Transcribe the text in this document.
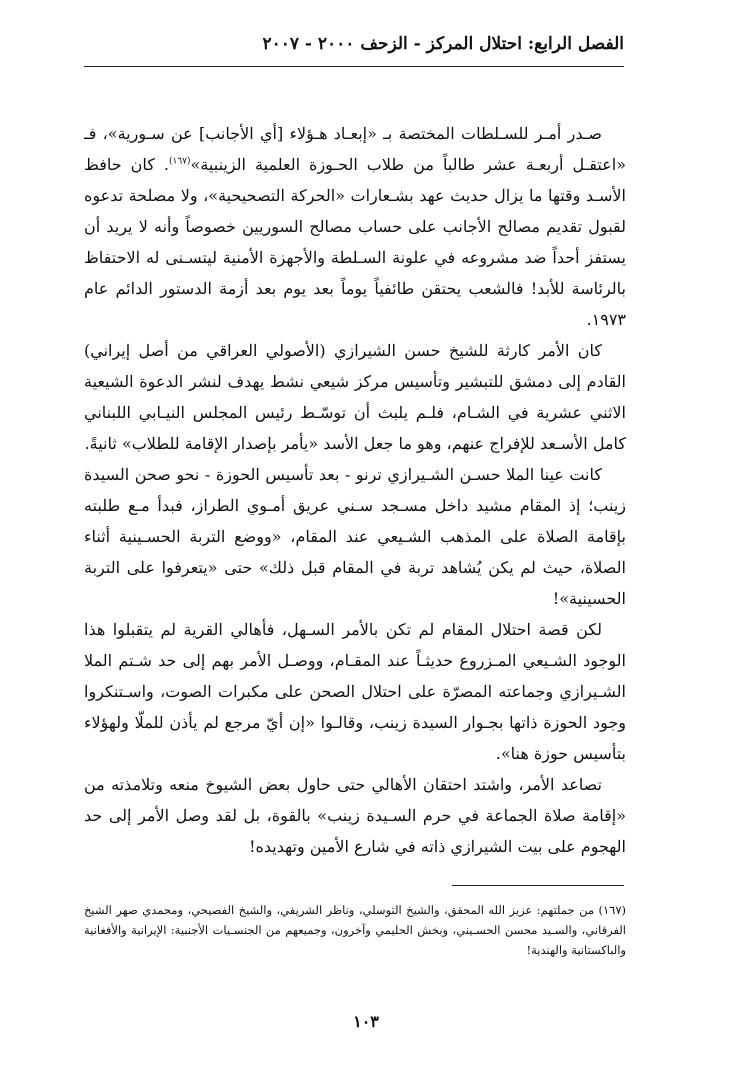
الفصل الرابع: احتلال المركز - الزحف ٢٠٠٠ - ٢٠٠٧

صـدر أمـر للسـلطات المختصة بـ «إبعـاد هـؤلاء [أي الأجانب] عن سـورية»، فـ «اعتقـل أربعـة عشر طالباً من طلاب الحـوزة العلمية الزينبية»$^{(١٦٧)}$. كان حافظ الأسـد وقتها ما يزال حديث عهد بشـعارات «الحركة التصحيحية»، ولا مصلحة تدعوه لقبول تقديم مصالح الأجانب على حساب مصالح السوريين خصوصاً وأنه لا يريد أن يستفز أحداً ضد مشروعه في علونة السـلطة والأجهزة الأمنية ليتسـنى له الاحتفاظ بالرئاسة للأبد! فالشعب يحتقن طائفياً يوماً بعد يوم بعد أزمة الدستور الدائم عام ١٩٧٣.

كان الأمر كارثة للشيخ حسن الشيرازي (الأصولي العراقي من أصل إيراني) القادم إلى دمشق للتبشير وتأسيس مركز شيعي نشط يهدف لنشر الدعوة الشيعية الاثني عشرية في الشـام، فلـم يلبث أن توسّـط رئيس المجلس النيـابي اللبناني كامل الأسـعد للإفراج عنهم، وهو ما جعل الأسد «يأمر بإصدار الإقامة للطلاب» ثانيةً.

كانت عينا الملا حسـن الشـيرازي ترنو - بعد تأسيس الحوزة - نحو صحن السيدة زينب؛ إذ المقام مشيد داخل مسـجد سـني عريق أمـوي الطراز، فبدأ مـع طلبته بإقامة الصلاة على المذهب الشـيعي عند المقام، «ووضع التربة الحسـينية أثناء الصلاة، حيث لم يكن يُشاهد تربة في المقام قبل ذلك» حتى «يتعرفوا على التربة الحسينية»!

لكن قصة احتلال المقام لم تكن بالأمر السـهل، فأهالي القرية لم يتقبلوا هذا الوجود الشـيعي المـزروع حديثـاً عند المقـام، ووصـل الأمر بهم إلى حد شـتم الملا الشـيرازي وجماعته المصرّة على احتلال الصحن على مكبرات الصوت، واسـتنكروا وجود الحوزة ذاتها بجـوار السيدة زينب، وقالـوا «إن أيّ مرجع لم يأذن للملّا ولهؤلاء بتأسيس حوزة هنا».

تصاعد الأمر، واشتد احتقان الأهالي حتى حاول بعض الشيوخ منعه وتلامذته من «إقامة صلاة الجماعة في حرم السـيدة زينب» بالقوة، بل لقد وصل الأمر إلى حد الهجوم على بيت الشيرازي ذاته في شارع الأمين وتهديده!

(١٦٧) من جملتهم: عزيز الله المحقق، والشيخ التوسلي، وناظر الشريفي، والشيخ الفصيحي، ومحمدي صهر الشيخ الفرقاني، والسـيد محسن الحسـيني، وبخش الحليمي وآخرون، وجميعهم من الجنسـيات الأجنبية: الإيرانية والأفغانية والباكستانية والهندية!
١٠٣
